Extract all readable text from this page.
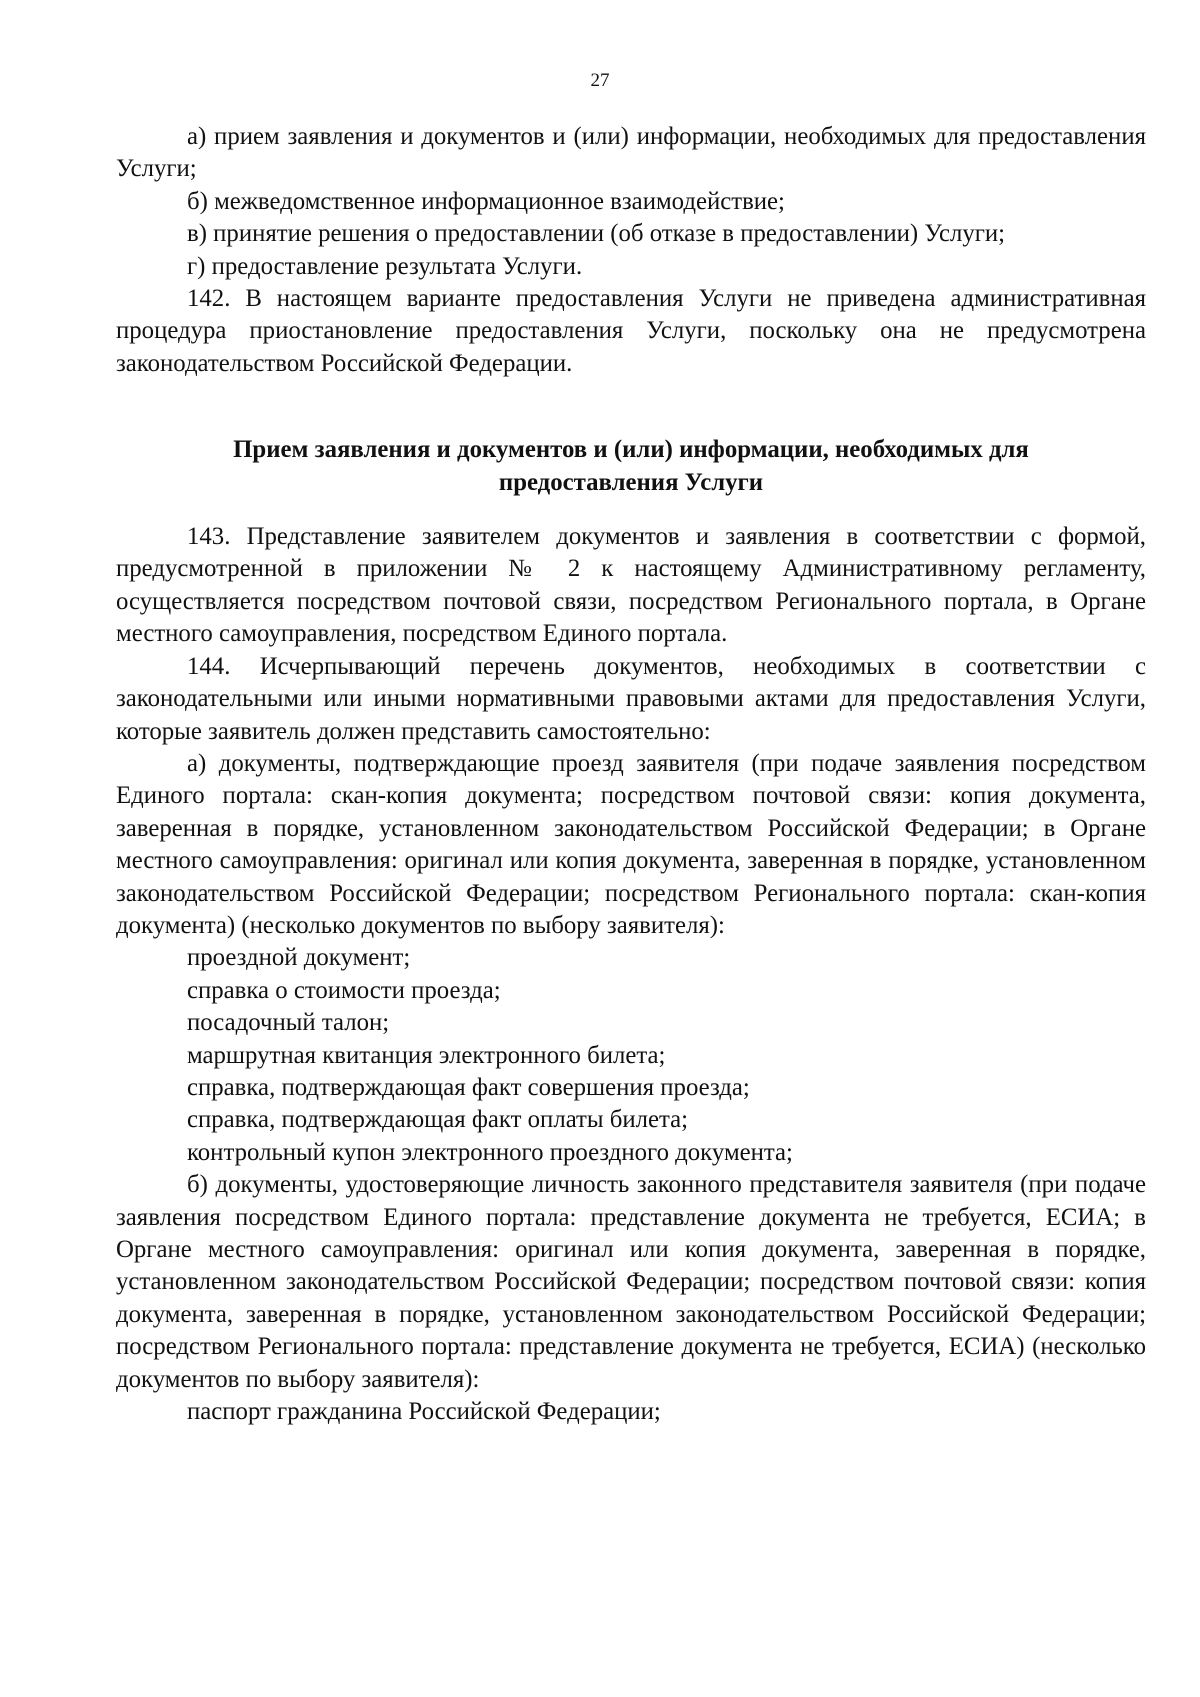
27

а) прием заявления и документов и (или) информации, необходимых для предоставления Услуги;

б) межведомственное информационное взаимодействие;

в) принятие решения о предоставлении (об отказе в предоставлении) Услуги;

г) предоставление результата Услуги.

142. В настоящем варианте предоставления Услуги не приведена административная процедура приостановление предоставления Услуги, поскольку она не предусмотрена законодательством Российской Федерации.

Прием заявления и документов и (или) информации, необходимых для
предоставления Услуги

143. Представление заявителем документов и заявления в соответствии с формой, предусмотренной в приложении № 2 к настоящему Административному регламенту, осуществляется посредством почтовой связи, посредством Регионального портала, в Органе местного самоуправления, посредством Единого портала.

144. Исчерпывающий перечень документов, необходимых в соответствии с законодательными или иными нормативными правовыми актами для предоставления Услуги, которые заявитель должен представить самостоятельно:

а) документы, подтверждающие проезд заявителя (при подаче заявления посредством Единого портала: скан-копия документа; посредством почтовой связи: копия документа, заверенная в порядке, установленном законодательством Российской Федерации; в Органе местного самоуправления: оригинал или копия документа, заверенная в порядке, установленном законодательством Российской Федерации; посредством Регионального портала: скан-копия документа) (несколько документов по выбору заявителя):

проездной документ;

справка о стоимости проезда;

посадочный талон;

маршрутная квитанция электронного билета;

справка, подтверждающая факт совершения проезда;

справка, подтверждающая факт оплаты билета;

контрольный купон электронного проездного документа;

б) документы, удостоверяющие личность законного представителя заявителя (при подаче заявления посредством Единого портала: представление документа не требуется, ЕСИА; в Органе местного самоуправления: оригинал или копия документа, заверенная в порядке, установленном законодательством Российской Федерации; посредством почтовой связи: копия документа, заверенная в порядке, установленном законодательством Российской Федерации; посредством Регионального портала: представление документа не требуется, ЕСИА) (несколько документов по выбору заявителя):

паспорт гражданина Российской Федерации;
